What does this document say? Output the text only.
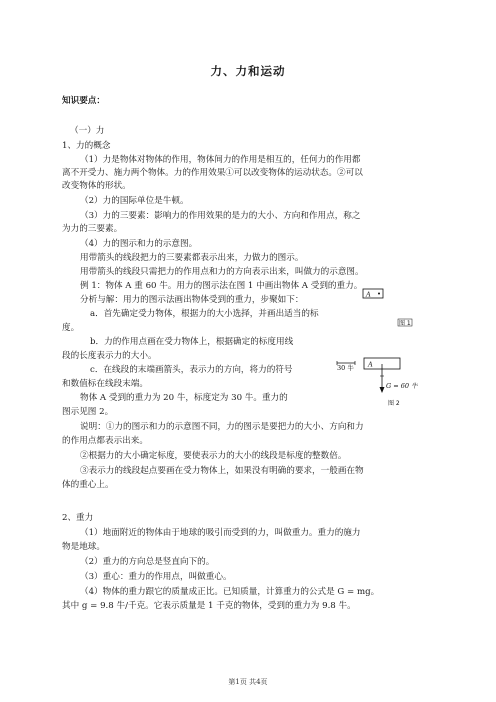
力、力和运动
知识要点：
（一）力
1、力的概念
（1）力是物体对物体的作用，物体间力的作用是相互的，任何力的作用都
离不开受力、施力两个物体。力的作用效果①可以改变物体的运动状态。②可以
改变物体的形状。
（2）力的国际单位是牛顿。
（3）力的三要素：影响力的作用效果的是力的大小、方向和作用点，称之
为力的三要素。
（4）力的图示和力的示意图。
用带箭头的线段把力的三要素都表示出来，力做力的图示。
用带箭头的线段只需把力的作用点和力的方向表示出来，叫做力的示意图。
例 1：物体 A 重 60 牛。用力的图示法在图 1 中画出物体 A 受到的重力。
分析与解：用力的图示法画出物体受到的重力，步聚如下：
a．首先确定受力物体，根据力的大小选择，并画出适当的标
度。
b．力的作用点画在受力物体上，根据确定的标度用线
段的长度表示力的大小。
c．在线段的末端画箭头，表示力的方向，将力的符号
和数值标在线段末端。
物体 A 受到的重力为 20 牛，标度定为 30 牛。重力的
图示见图 2。
说明：①力的图示和力的示意图不同，力的图示是要把力的大小、方向和力
的作用点都表示出来。
②根据力的大小确定标度，要使表示力的大小的线段是标度的整数倍。
③表示力的线段起点要画在受力物体上，如果没有明确的要求，一般画在物
体的重心上。
2、重力
（1）地面附近的物体由于地球的吸引而受到的力，叫做重力。重力的施力
物是地球。
（2）重力的方向总是竖直向下的。
（3）重心：重力的作用点，叫做重心。
（4）物体的重力跟它的质量成正比。已知质量，计算重力的公式是 G = mg。
其中 g = 9.8 牛/千克。它表示质量是 1 千克的物体，受到的重力为 9.8 牛。
A
图 1
30 牛 A
G = 60 牛
图 2
第1页 共4页
